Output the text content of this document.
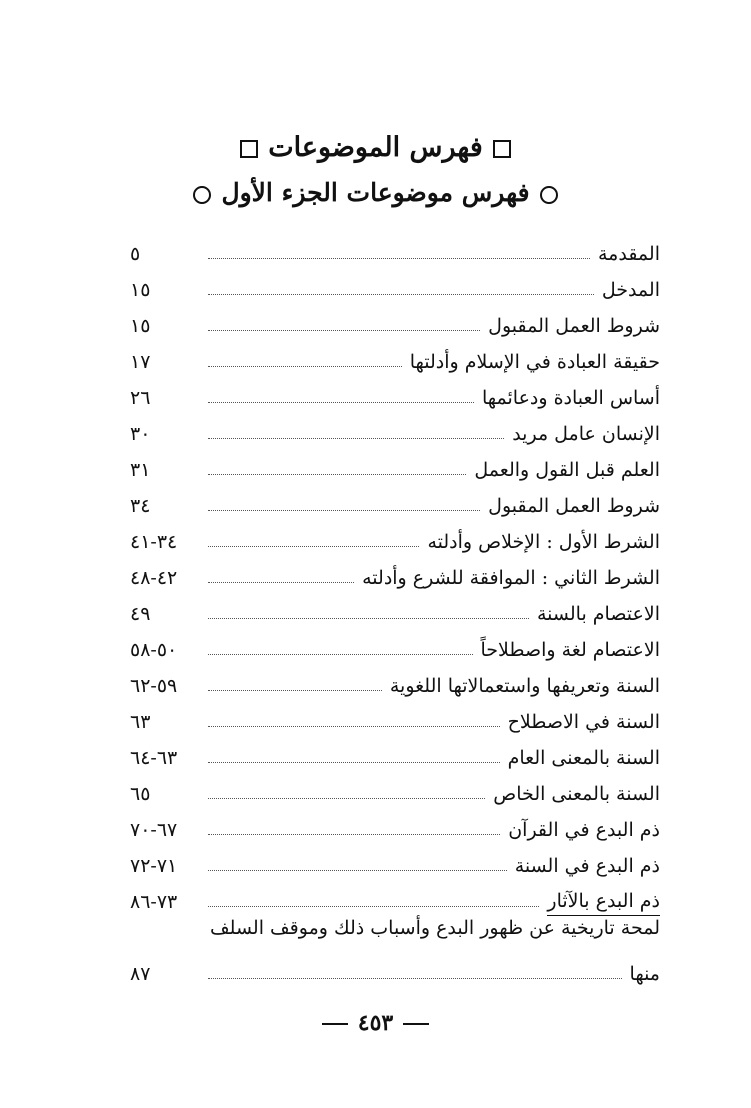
فهرس الموضوعات
فهرس موضوعات الجزء الأول
المقدمة
٥
المدخل
١٥
شروط العمل المقبول
١٥
حقيقة العبادة في الإسلام وأدلتها
١٧
أساس العبادة ودعائمها
٢٦
الإنسان عامل مريد
٣٠
العلم قبل القول والعمل
٣١
شروط العمل المقبول
٣٤
الشرط الأول : الإخلاص وأدلته
٣٤-٤١
الشرط الثاني : الموافقة للشرع وأدلته
٤٢-٤٨
الاعتصام بالسنة
٤٩
الاعتصام لغة واصطلاحاً
٥٠-٥٨
السنة وتعريفها واستعمالاتها اللغوية
٥٩-٦٢
السنة في الاصطلاح
٦٣
السنة بالمعنى العام
٦٣-٦٤
السنة بالمعنى الخاص
٦٥
ذم البدع في القرآن
٦٧-٧٠
ذم البدع في السنة
٧١-٧٢
ذم البدع بالآثار
٧٣-٨٦
لمحة تاريخية عن ظهور البدع وأسباب ذلك وموقف السلف
منها
٨٧
٤٥٣
